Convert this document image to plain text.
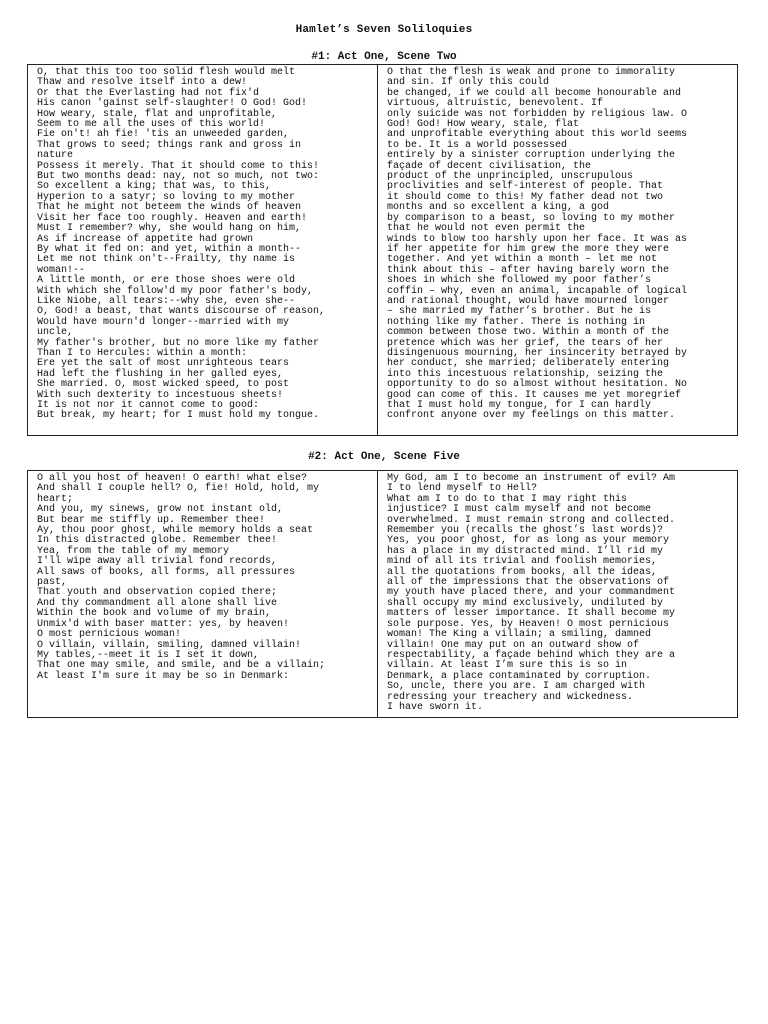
Hamlet’s Seven Soliloquies
#1: Act One, Scene Two
O, that this too too solid flesh would melt
Thaw and resolve itself into a dew!
Or that the Everlasting had not fix'd
His canon 'gainst self-slaughter! O God! God!
How weary, stale, flat and unprofitable,
Seem to me all the uses of this world!
Fie on't! ah fie! 'tis an unweeded garden,
That grows to seed; things rank and gross in
nature
Possess it merely. That it should come to this!
But two months dead: nay, not so much, not two:
So excellent a king; that was, to this,
Hyperion to a satyr; so loving to my mother
That he might not beteem the winds of heaven
Visit her face too roughly. Heaven and earth!
Must I remember? why, she would hang on him,
As if increase of appetite had grown
By what it fed on: and yet, within a month--
Let me not think on't--Frailty, thy name is
woman!--
A little month, or ere those shoes were old
With which she follow'd my poor father's body,
Like Niobe, all tears:--why she, even she--
O, God! a beast, that wants discourse of reason,
Would have mourn'd longer--married with my
uncle,
My father's brother, but no more like my father
Than I to Hercules: within a month:
Ere yet the salt of most unrighteous tears
Had left the flushing in her galled eyes,
She married. O, most wicked speed, to post
With such dexterity to incestuous sheets!
It is not nor it cannot come to good:
But break, my heart; for I must hold my tongue.
O that the flesh is weak and prone to immorality
and sin. If only this could
be changed, if we could all become honourable and
virtuous, altruistic, benevolent. If
only suicide was not forbidden by religious law. O
God! God! How weary, stale, flat
and unprofitable everything about this world seems
to be. It is a world possessed
entirely by a sinister corruption underlying the
façade of decent civilisation, the
product of the unprincipled, unscrupulous
proclivities and self-interest of people. That
it should come to this! My father dead not two
months and so excellent a king, a god
by comparison to a beast, so loving to my mother
that he would not even permit the
winds to blow too harshly upon her face. It was as
if her appetite for him grew the more they were
together. And yet within a month – let me not
think about this – after having barely worn the
shoes in which she followed my poor father’s
coffin – why, even an animal, incapable of logical
and rational thought, would have mourned longer
– she married my father’s brother. But he is
nothing like my father. There is nothing in
common between those two. Within a month of the
pretence which was her grief, the tears of her
disingenuous mourning, her insincerity betrayed by
her conduct, she married; deliberately entering
into this incestuous relationship, seizing the
opportunity to do so almost without hesitation. No
good can come of this. It causes me yet moregrief
that I must hold my tongue, for I can hardly
confront anyone over my feelings on this matter.
#2: Act One, Scene Five
O all you host of heaven! O earth! what else?
And shall I couple hell? O, fie! Hold, hold, my
heart;
And you, my sinews, grow not instant old,
But bear me stiffly up. Remember thee!
Ay, thou poor ghost, while memory holds a seat
In this distracted globe. Remember thee!
Yea, from the table of my memory
I'll wipe away all trivial fond records,
All saws of books, all forms, all pressures
past,
That youth and observation copied there;
And thy commandment all alone shall live
Within the book and volume of my brain,
Unmix'd with baser matter: yes, by heaven!
O most pernicious woman!
O villain, villain, smiling, damned villain!
My tables,--meet it is I set it down,
That one may smile, and smile, and be a villain;
At least I'm sure it may be so in Denmark:
My God, am I to become an instrument of evil? Am
I to lend myself to Hell?
What am I to do to that I may right this
injustice? I must calm myself and not become
overwhelmed. I must remain strong and collected.
Remember you (recalls the ghost’s last words)?
Yes, you poor ghost, for as long as your memory
has a place in my distracted mind. I’ll rid my
mind of all its trivial and foolish memories,
all the quotations from books, all the ideas,
all of the impressions that the observations of
my youth have placed there, and your commandment
shall occupy my mind exclusively, undiluted by
matters of lesser importance. It shall become my
sole purpose. Yes, by Heaven! O most pernicious
woman! The King a villain; a smiling, damned
villain! One may put on an outward show of
respectability, a façade behind which they are a
villain. At least I’m sure this is so in
Denmark, a place contaminated by corruption.
So, uncle, there you are. I am charged with
redressing your treachery and wickedness.
I have sworn it.
